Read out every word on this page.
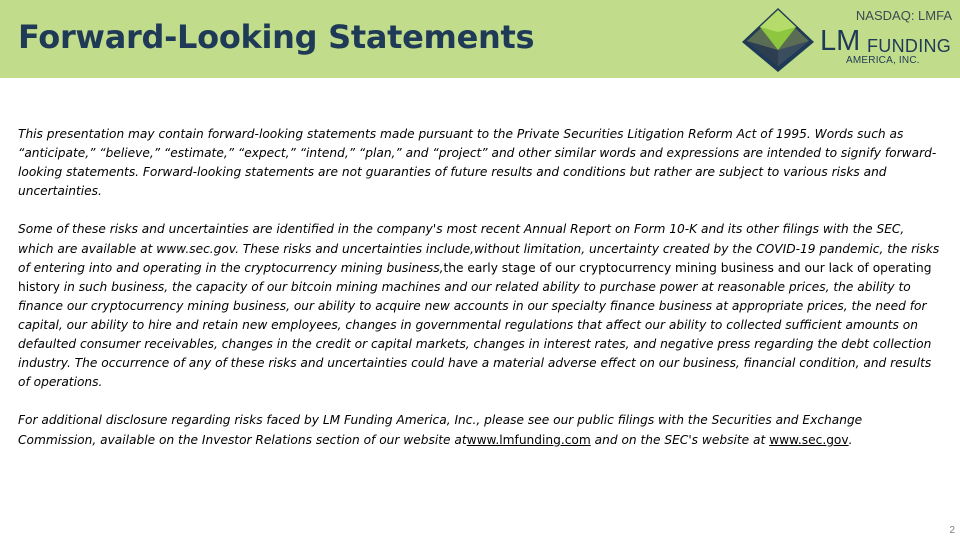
Forward-Looking Statements
NASDAQ: LMFA
LM FUNDING
AMERICA, INC.

This presentation may contain forward-looking statements made pursuant to the Private Securities Litigation Reform Act of 1995. Words such as “anticipate,” “believe,” “estimate,” “expect,” “intend,” “plan,” and “project” and other similar words and expressions are intended to signify forward-looking statements. Forward-looking statements are not guaranties of future results and conditions but rather are subject to various risks and uncertainties.

Some of these risks and uncertainties are identified in the company's most recent Annual Report on Form 10-K and its other filings with the SEC, which are available at www.sec.gov. These risks and uncertainties include,without limitation, uncertainty created by the COVID-19 pandemic, the risks of entering into and operating in the cryptocurrency mining business,the early stage of our cryptocurrency mining business and our lack of operating history in such business, the capacity of our bitcoin mining machines and our related ability to purchase power at reasonable prices, the ability to finance our cryptocurrency mining business, our ability to acquire new accounts in our specialty finance business at appropriate prices, the need for capital, our ability to hire and retain new employees, changes in governmental regulations that affect our ability to collected sufficient amounts on defaulted consumer receivables, changes in the credit or capital markets, changes in interest rates, and negative press regarding the debt collection industry. The occurrence of any of these risks and uncertainties could have a material adverse effect on our business, financial condition, and results of operations.

For additional disclosure regarding risks faced by LM Funding America, Inc., please see our public filings with the Securities and Exchange Commission, available on the Investor Relations section of our website atwww.lmfunding.com and on the SEC's website at www.sec.gov.

2
